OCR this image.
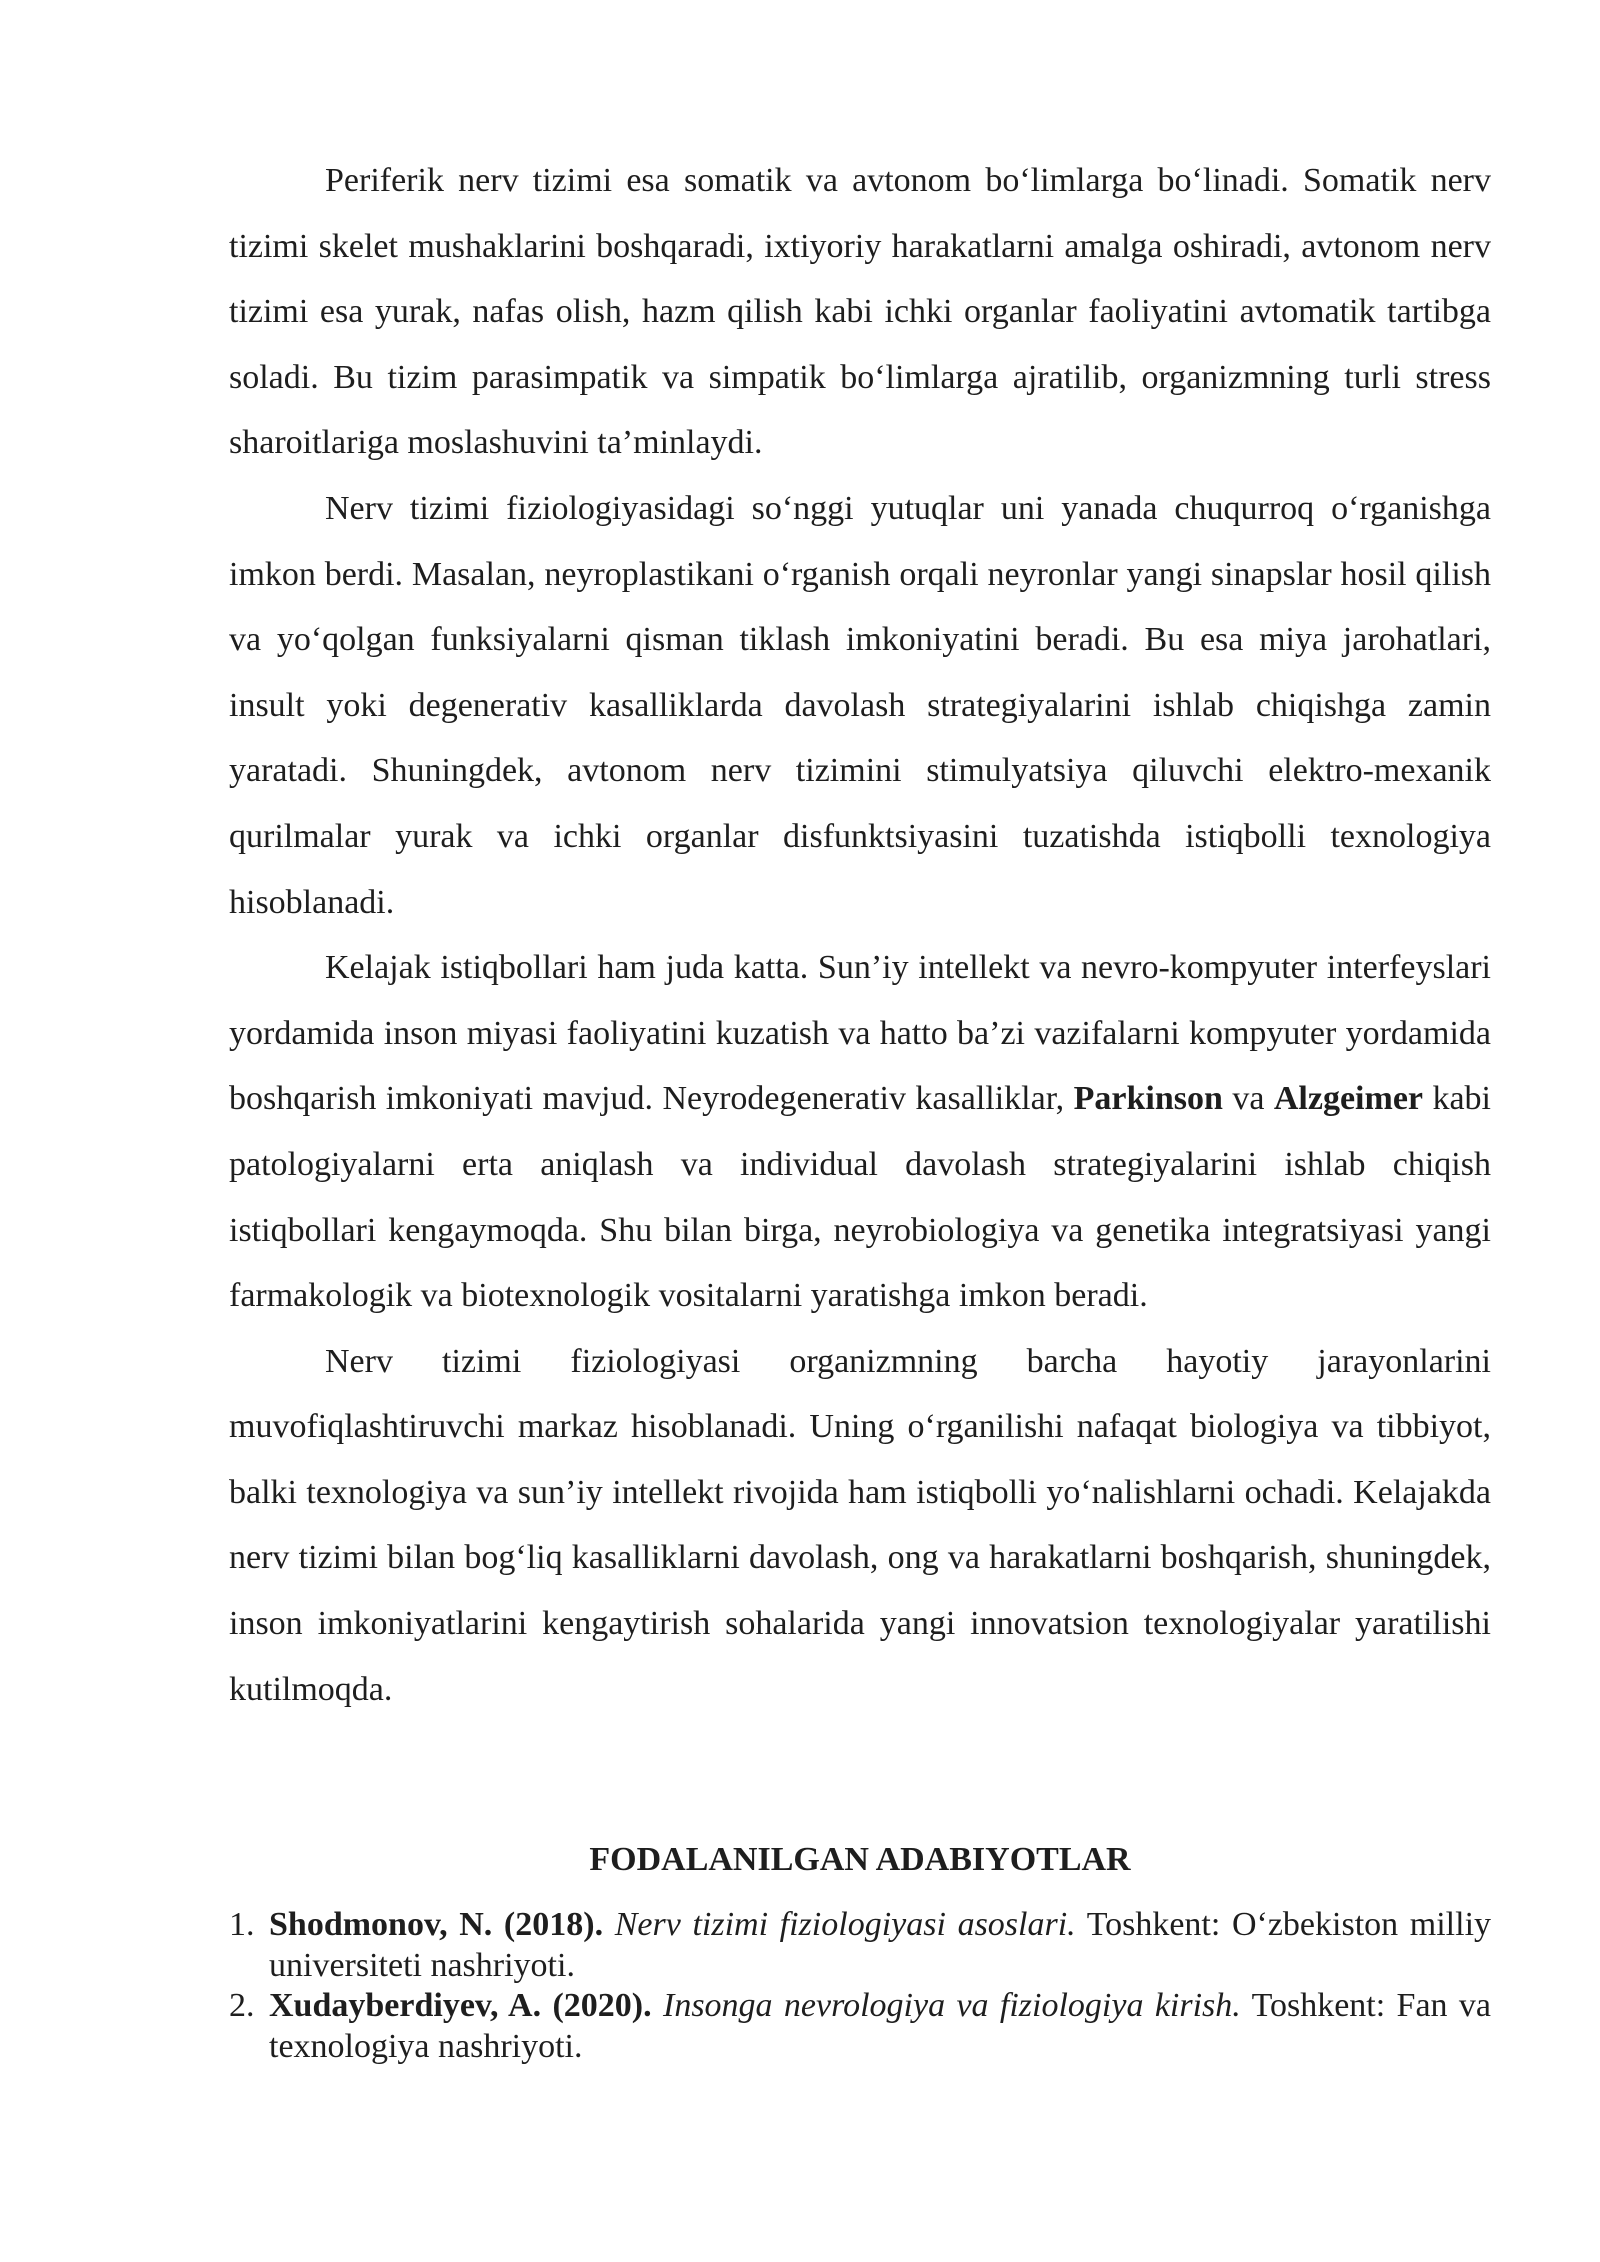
Periferik nerv tizimi esa somatik va avtonom bo‘limlarga bo‘linadi. Somatik nerv tizimi skelet mushaklarini boshqaradi, ixtiyoriy harakatlarni amalga oshiradi, avtonom nerv tizimi esa yurak, nafas olish, hazm qilish kabi ichki organlar faoliyatini avtomatik tartibga soladi. Bu tizim parasimpatik va simpatik bo‘limlarga ajratilib, organizmning turli stress sharoitlariga moslashuvini ta’minlaydi.

Nerv tizimi fiziologiyasidagi so‘nggi yutuqlar uni yanada chuqurroq o‘rganishga imkon berdi. Masalan, neyroplastikani o‘rganish orqali neyronlar yangi sinapslar hosil qilish va yo‘qolgan funksiyalarni qisman tiklash imkoniyatini beradi. Bu esa miya jarohatlari, insult yoki degenerativ kasalliklarda davolash strategiyalarini ishlab chiqishga zamin yaratadi. Shuningdek, avtonom nerv tizimini stimulyatsiya qiluvchi elektro-mexanik qurilmalar yurak va ichki organlar disfunktsiyasini tuzatishda istiqbolli texnologiya hisoblanadi.

Kelajak istiqbollari ham juda katta. Sun’iy intellekt va nevro-kompyuter interfeyslari yordamida inson miyasi faoliyatini kuzatish va hatto ba’zi vazifalarni kompyuter yordamida boshqarish imkoniyati mavjud. Neyrodegenerativ kasalliklar, Parkinson va Alzgeimer kabi patologiyalarni erta aniqlash va individual davolash strategiyalarini ishlab chiqish istiqbollari kengaymoqda. Shu bilan birga, neyrobiologiya va genetika integratsiyasi yangi farmakologik va biotexnologik vositalarni yaratishga imkon beradi.

Nerv tizimi fiziologiyasi organizmning barcha hayotiy jarayonlarini muvofiqlashtiruvchi markaz hisoblanadi. Uning o‘rganilishi nafaqat biologiya va tibbiyot, balki texnologiya va sun’iy intellekt rivojida ham istiqbolli yo‘nalishlarni ochadi. Kelajakda nerv tizimi bilan bog‘liq kasalliklarni davolash, ong va harakatlarni boshqarish, shuningdek, inson imkoniyatlarini kengaytirish sohalarida yangi innovatsion texnologiyalar yaratilishi kutilmoqda.

FODALANILGAN ADABIYOTLAR
1. Shodmonov, N. (2018). Nerv tizimi fiziologiyasi asoslari. Toshkent: O‘zbekiston milliy universiteti nashriyoti.
2. Xudayberdiyev, A. (2020). Insonga nevrologiya va fiziologiya kirish. Toshkent: Fan va texnologiya nashriyoti.
